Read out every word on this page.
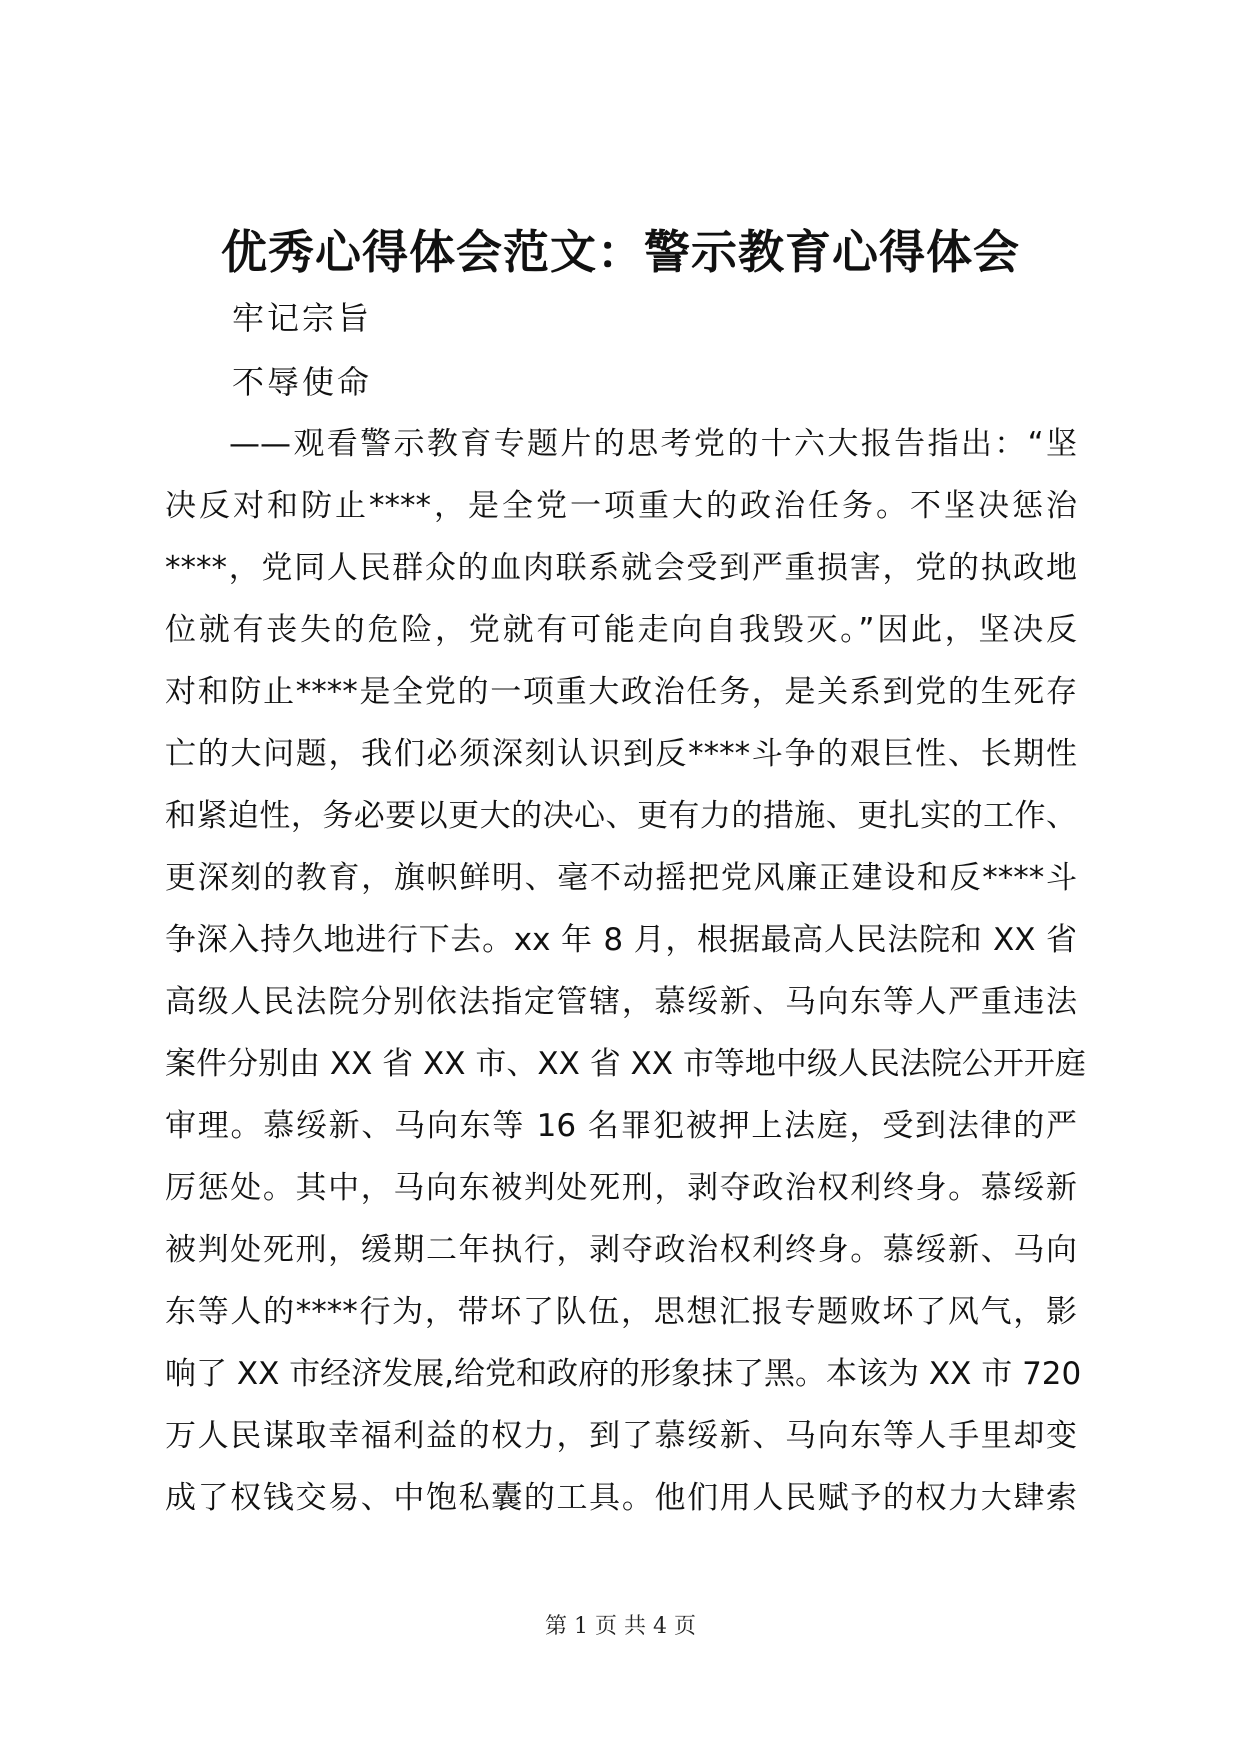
优秀心得体会范文：警示教育心得体会

牢记宗旨

不辱使命

——观看警示教育专题片的思考党的十六大报告指出：“坚
决反对和防止****，是全党一项重大的政治任务。不坚决惩治
****，党同人民群众的血肉联系就会受到严重损害，党的执政地
位就有丧失的危险，党就有可能走向自我毁灭。”因此，坚决反
对和防止****是全党的一项重大政治任务，是关系到党的生死存
亡的大问题，我们必须深刻认识到反****斗争的艰巨性、长期性
和紧迫性，务必要以更大的决心、更有力的措施、更扎实的工作、
更深刻的教育，旗帜鲜明、毫不动摇把党风廉正建设和反****斗
争深入持久地进行下去。xx 年 8 月，根据最高人民法院和 XX 省
高级人民法院分别依法指定管辖，慕绥新、马向东等人严重违法
案件分别由 XX 省 XX 市、XX 省 XX 市等地中级人民法院公开开庭
审理。慕绥新、马向东等 16 名罪犯被押上法庭，受到法律的严
厉惩处。其中，马向东被判处死刑，剥夺政治权利终身。慕绥新
被判处死刑，缓期二年执行，剥夺政治权利终身。慕绥新、马向
东等人的****行为，带坏了队伍，思想汇报专题败坏了风气，影
响了 XX 市经济发展,给党和政府的形象抹了黑。本该为 XX 市 720
万人民谋取幸福利益的权力，到了慕绥新、马向东等人手里却变
成了权钱交易、中饱私囊的工具。他们用人民赋予的权力大肆索
第 1 页 共 4 页
